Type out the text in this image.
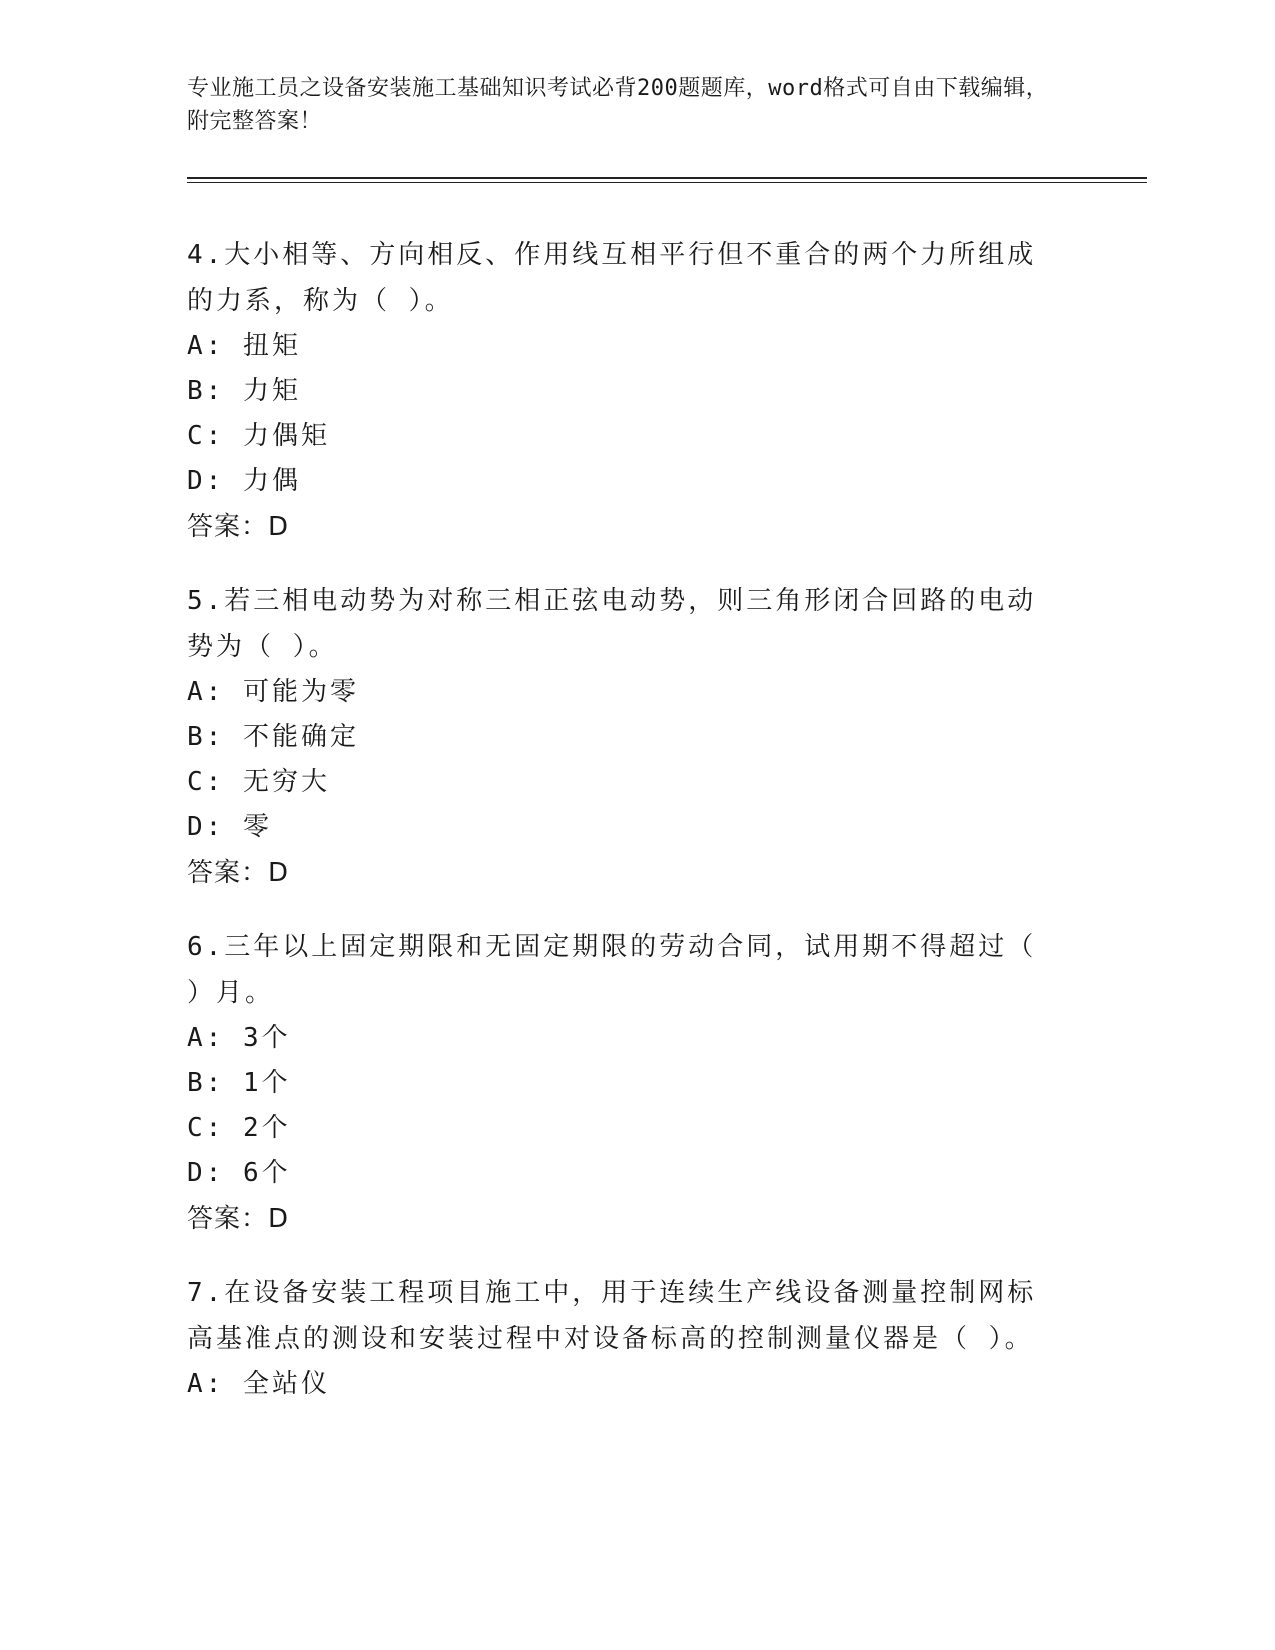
专业施工员之设备安装施工基础知识考试必背200题题库，word格式可自由下载编辑，附完整答案！
4.大小相等、方向相反、作用线互相平行但不重合的两个力所组成的力系，称为（ ）。
A: 扭矩
B: 力矩
C: 力偶矩
D: 力偶
答案：D
5.若三相电动势为对称三相正弦电动势，则三角形闭合回路的电动势为（ ）。
A: 可能为零
B: 不能确定
C: 无穷大
D: 零
答案：D
6.三年以上固定期限和无固定期限的劳动合同，试用期不得超过（ ）月。
A: 3个
B: 1个
C: 2个
D: 6个
答案：D
7.在设备安装工程项目施工中，用于连续生产线设备测量控制网标高基准点的测设和安装过程中对设备标高的控制测量仪器是（ ）。
A: 全站仪
